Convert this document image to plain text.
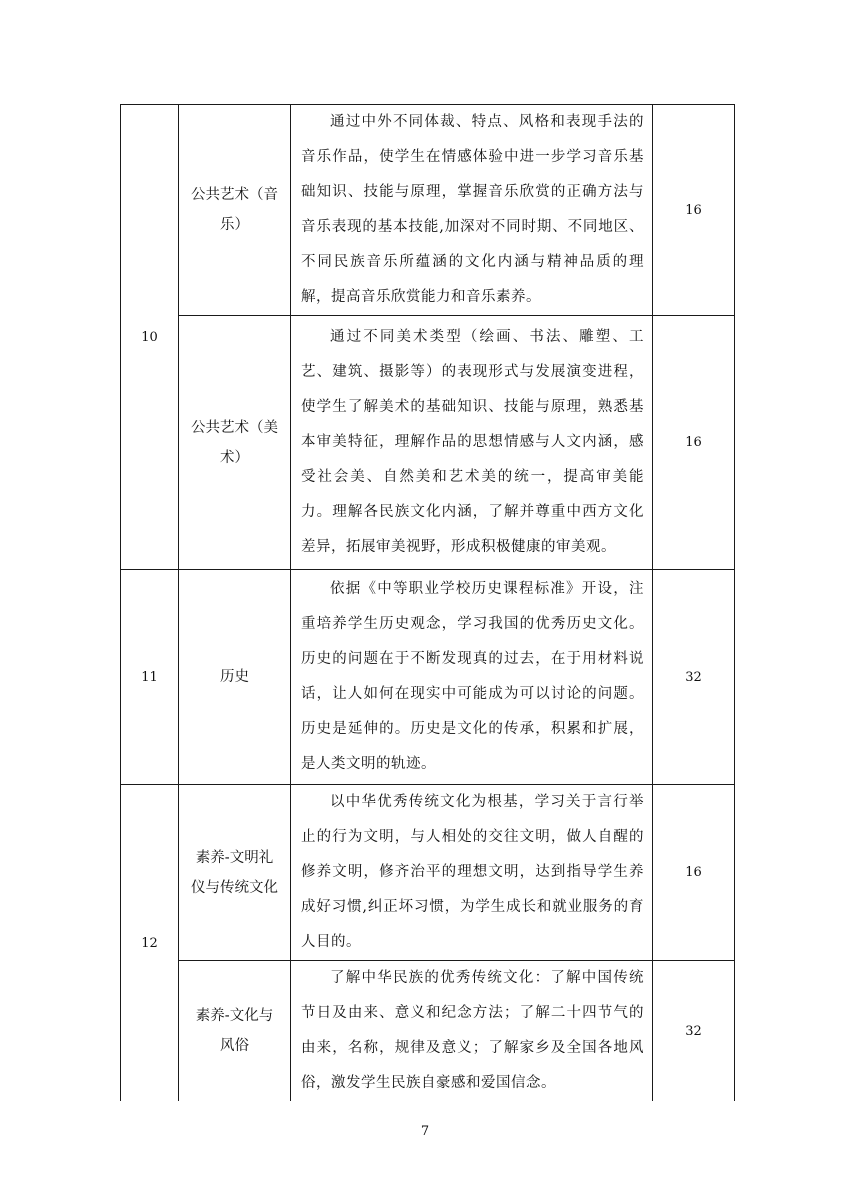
10	公共艺术（音乐）	通过中外不同体裁、特点、风格和表现手法的音乐作品，使学生在情感体验中进一步学习音乐基础知识、技能与原理，掌握音乐欣赏的正确方法与音乐表现的基本技能,加深对不同时期、不同地区、不同民族音乐所蕴涵的文化内涵与精神品质的理解，提高音乐欣赏能力和音乐素养。	16
	公共艺术（美术）	通过不同美术类型（绘画、书法、雕塑、工艺、建筑、摄影等）的表现形式与发展演变进程，使学生了解美术的基础知识、技能与原理，熟悉基本审美特征，理解作品的思想情感与人文内涵，感受社会美、自然美和艺术美的统一，提高审美能力。理解各民族文化内涵，了解并尊重中西方文化差异，拓展审美视野，形成积极健康的审美观。	16
11	历史	依据《中等职业学校历史课程标准》开设，注重培养学生历史观念，学习我国的优秀历史文化。历史的问题在于不断发现真的过去，在于用材料说话，让人如何在现实中可能成为可以讨论的问题。历史是延伸的。历史是文化的传承，积累和扩展，是人类文明的轨迹。	32
12	素养-文明礼仪与传统文化	以中华优秀传统文化为根基，学习关于言行举止的行为文明，与人相处的交往文明，做人自醒的修养文明，修齐治平的理想文明，达到指导学生养成好习惯,纠正坏习惯，为学生成长和就业服务的育人目的。	16
	素养-文化与风俗	了解中华民族的优秀传统文化：了解中国传统节日及由来、意义和纪念方法；了解二十四节气的由来，名称，规律及意义；了解家乡及全国各地风俗，激发学生民族自豪感和爱国信念。	32
7
